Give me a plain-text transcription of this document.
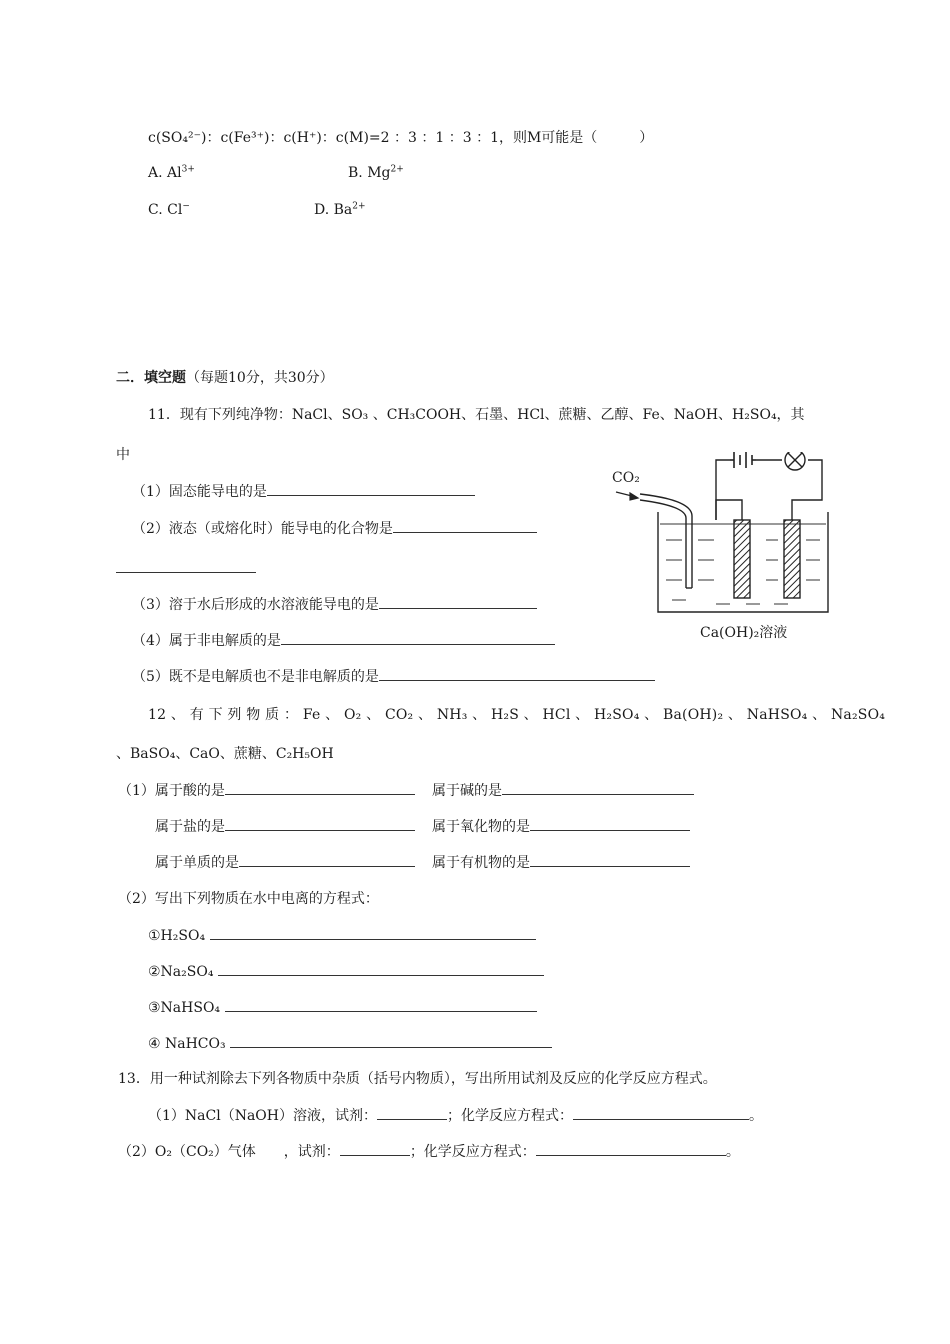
c(SO₄²⁻)：c(Fe³⁺)：c(H⁺)：c(M)=2 ：3 ：1 ：3 ：1，则M可能是（　　　）
A. $Al^{3+}$	B. $Mg^{2+}$
C. Cl−	D. $Ba^{2+}$
二．填空题（每题10分，共30分）
11．现有下列纯净物：NaCl、SO₃ 、CH₃COOH、石墨、HCl、蔗糖、乙醇、Fe、NaOH、H₂SO₄，其
中
（1）固态能导电的是
（2）液态（或熔化时）能导电的化合物是
（3）溶于水后形成的水溶液能导电的是
（4）属于非电解质的是
（5）既不是电解质也不是非电解质的是
CO₂
Ca(OH)₂溶液
12 、 有 下 列 物 质 ： Fe 、 O₂ 、 CO₂ 、 NH₃ 、 H₂S 、 HCl 、 H₂SO₄ 、 Ba(OH)₂ 、 NaHSO₄ 、 Na₂SO₄
、BaSO₄、CaO、蔗糖、C₂H₅OH
（1）属于酸的是	属于碱的是
属于盐的是	属于氧化物的是
属于单质的是	属于有机物的是
（2）写出下列物质在水中电离的方程式：
①H₂SO₄
②Na₂SO₄
③NaHSO₄
④ NaHCO₃
13．用一种试剂除去下列各物质中杂质（括号内物质），写出所用试剂及反应的化学反应方程式。
（1）NaCl（NaOH）溶液，试剂：	；化学反应方程式：	。
（2）O₂（CO₂）气体　　，试剂：	；化学反应方程式：	。
